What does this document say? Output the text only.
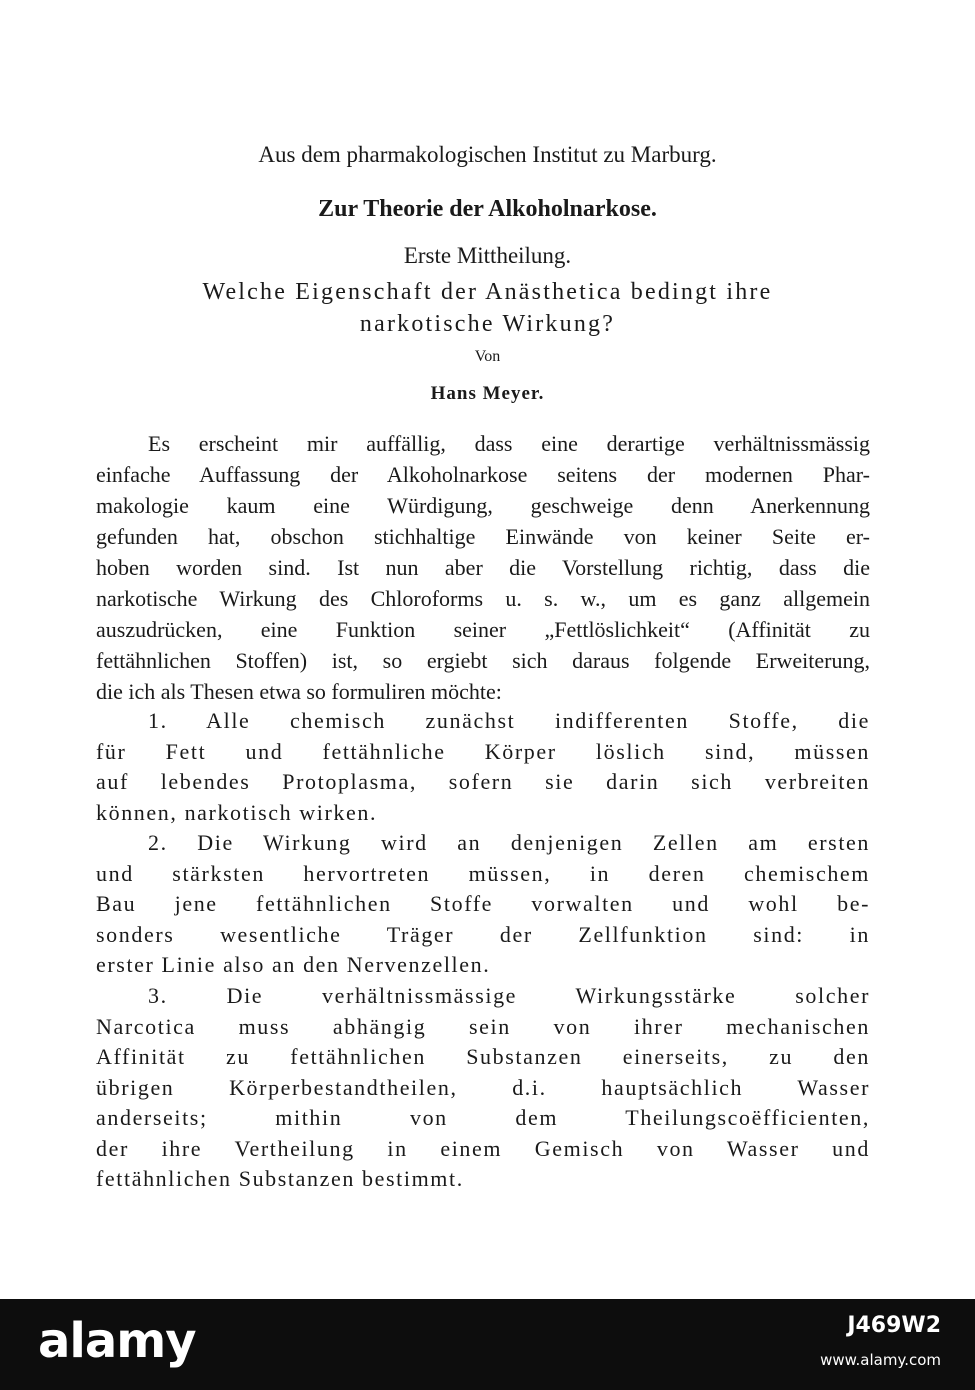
Aus dem pharmakologischen Institut zu Marburg.
Zur Theorie der Alkoholnarkose.
Erste Mittheilung.
Welche Eigenschaft der Anästhetica bedingt ihre
narkotische Wirkung?
Von
Hans Meyer.
Es erscheint mir auffällig, dass eine derartige verhältnissmässig
einfache Auffassung der Alkoholnarkose seitens der modernen Phar-
makologie kaum eine Würdigung, geschweige denn Anerkennung
gefunden hat, obschon stichhaltige Einwände von keiner Seite er-
hoben worden sind. Ist nun aber die Vorstellung richtig, dass die
narkotische Wirkung des Chloroforms u. s. w., um es ganz allgemein
auszudrücken, eine Funktion seiner „Fettlöslichkeit“ (Affinität zu
fettähnlichen Stoffen) ist, so ergiebt sich daraus folgende Erweiterung,
die ich als Thesen etwa so formuliren möchte:
1. Alle chemisch zunächst indifferenten Stoffe, die
für Fett und fettähnliche Körper löslich sind, müssen
auf lebendes Protoplasma, sofern sie darin sich verbreiten
können, narkotisch wirken.
2. Die Wirkung wird an denjenigen Zellen am ersten
und stärksten hervortreten müssen, in deren chemischem
Bau jene fettähnlichen Stoffe vorwalten und wohl be-
sonders wesentliche Träger der Zellfunktion sind: in
erster Linie also an den Nervenzellen.
3. Die verhältnissmässige Wirkungsstärke solcher
Narcotica muss abhängig sein von ihrer mechanischen
Affinität zu fettähnlichen Substanzen einerseits, zu den
übrigen Körperbestandtheilen, d.i. hauptsächlich Wasser
anderseits; mithin von dem Theilungscoëfficienten,
der ihre Vertheilung in einem Gemisch von Wasser und
fettähnlichen Substanzen bestimmt.
alamy	J469W2
www.alamy.com
